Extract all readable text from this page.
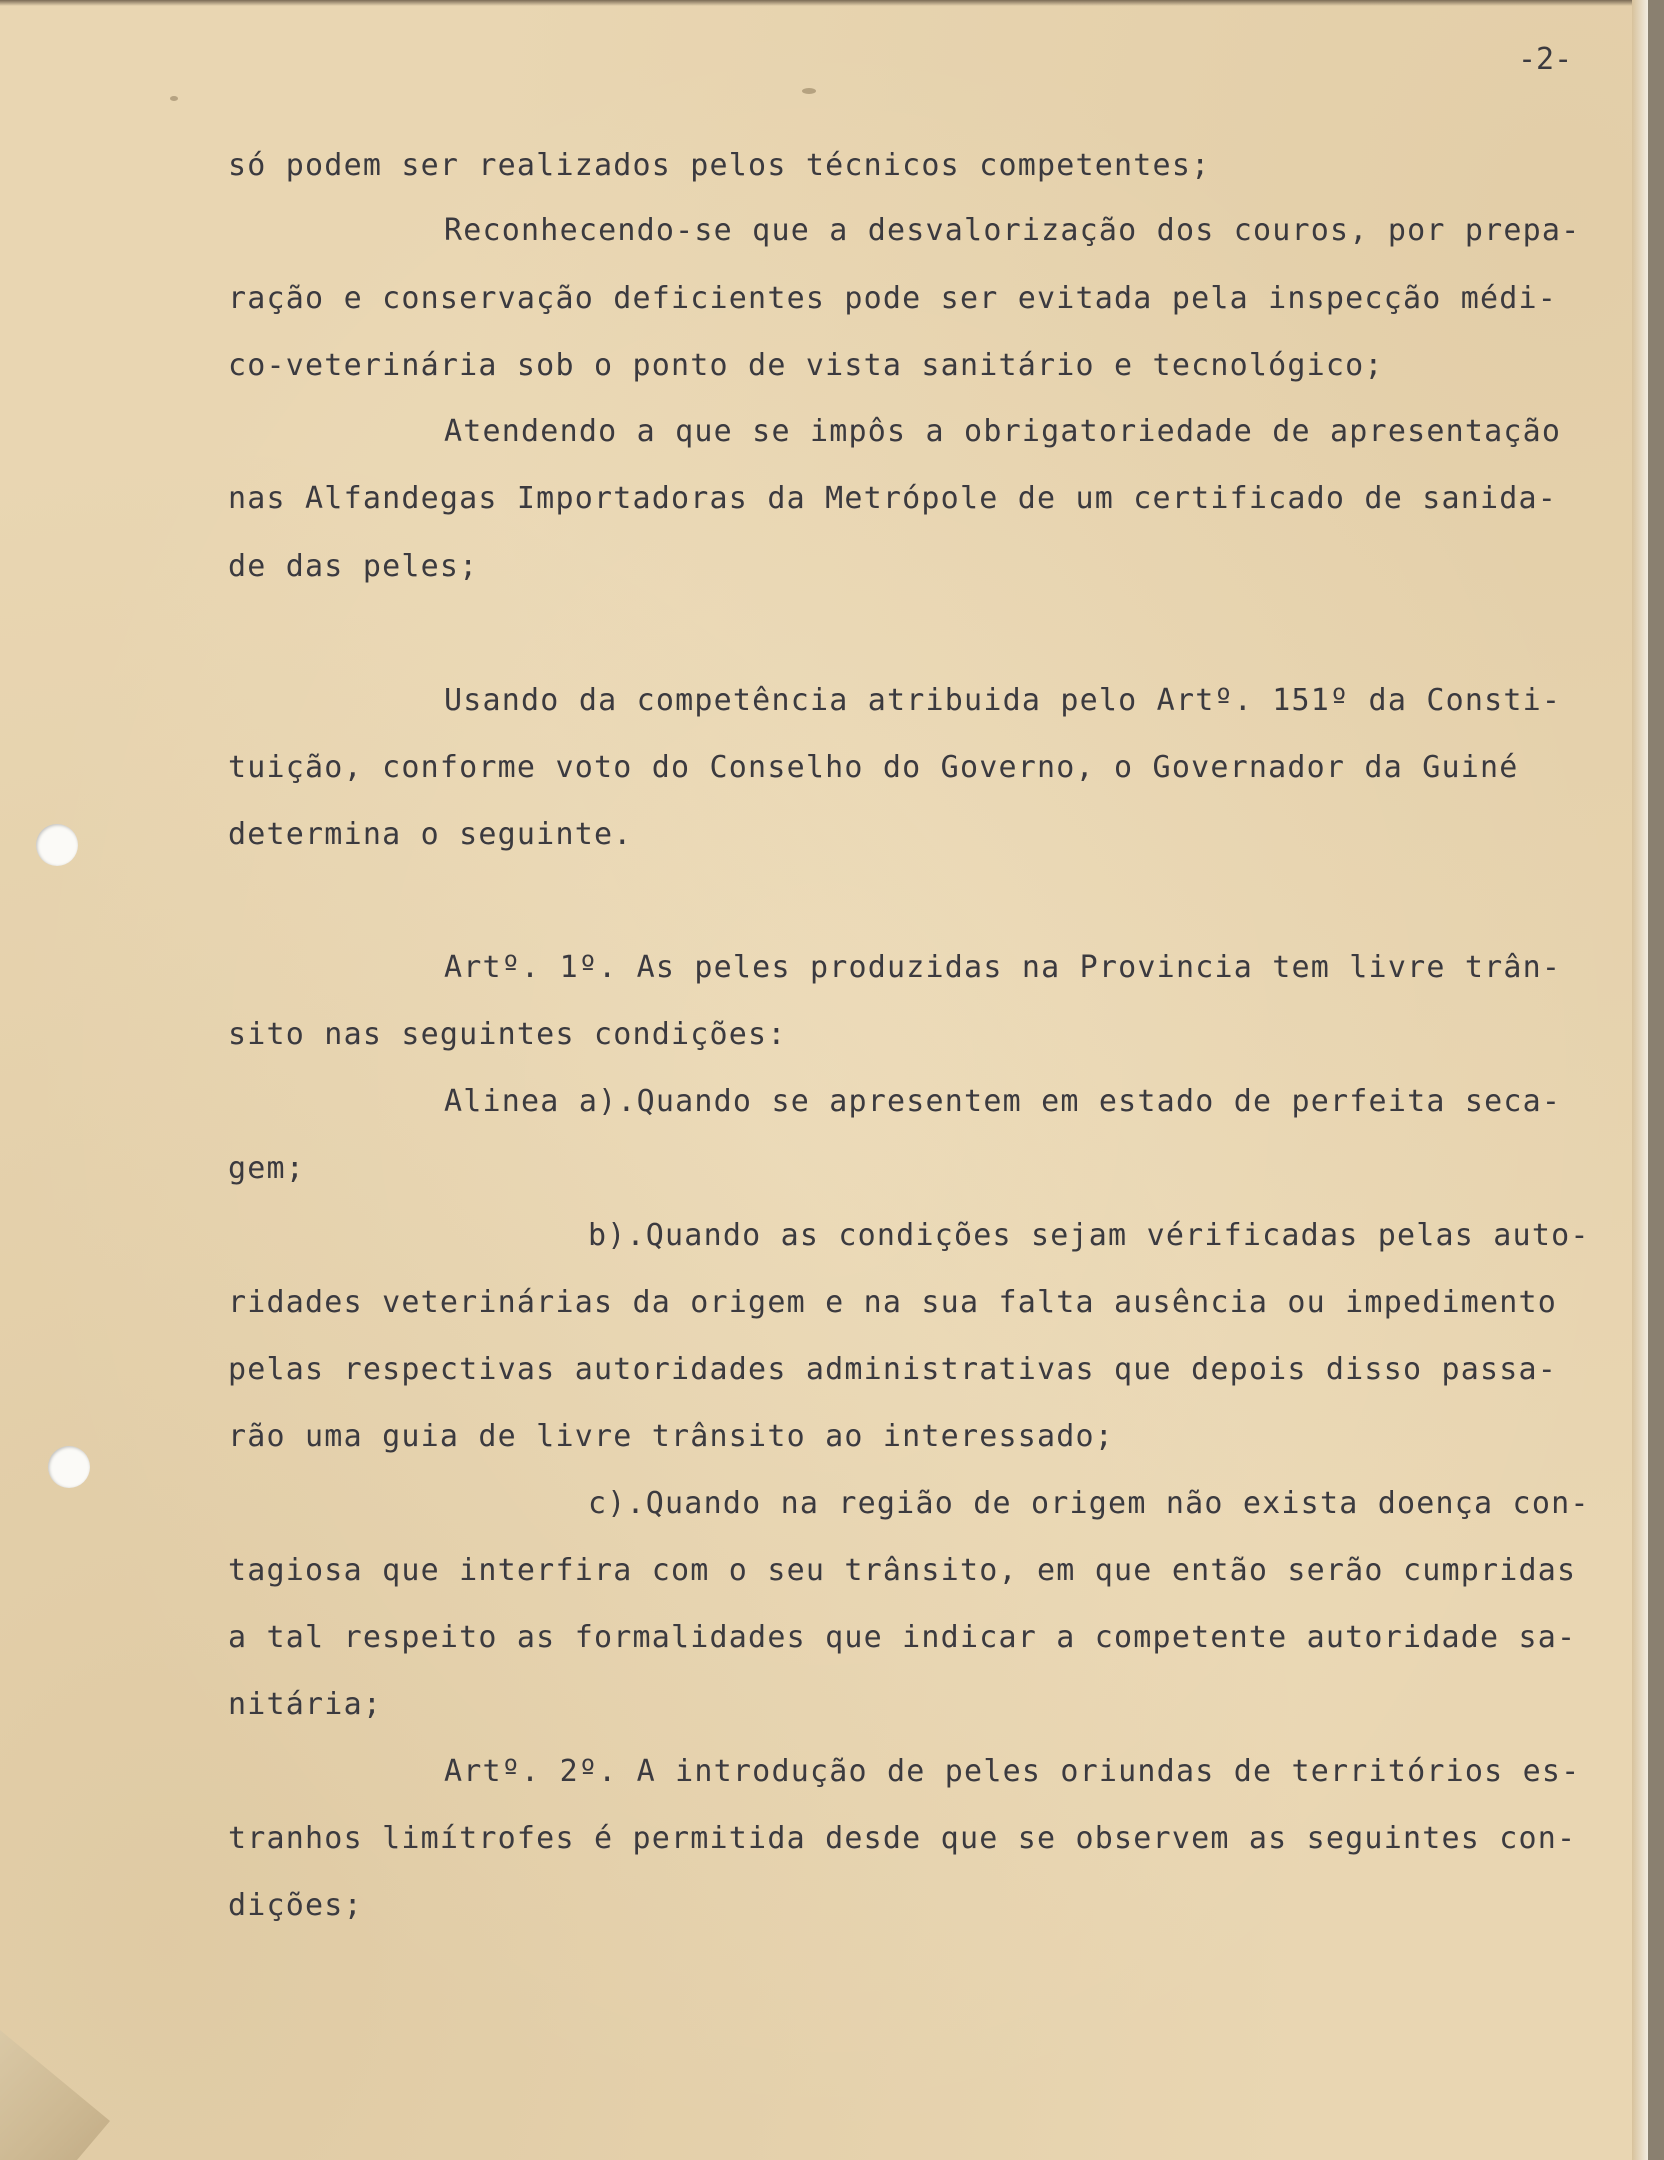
-2-
só podem ser realizados pelos técnicos competentes;
Reconhecendo-se que a desvalorização dos couros, por prepa-
ração e conservação deficientes pode ser evitada pela inspecção médi-
co-veterinária sob o ponto de vista sanitário e tecnológico;
Atendendo a que se impôs a obrigatoriedade de apresentação
nas Alfandegas Importadoras da Metrópole de um certificado de sanida-
de das peles;
Usando da competência atribuida pelo Artº. 151º da Consti-
tuição, conforme voto do Conselho do Governo, o Governador da Guiné
determina o seguinte.
Artº. 1º. As peles produzidas na Provincia tem livre trân-
sito nas seguintes condições:
Alinea a).Quando se apresentem em estado de perfeita seca-
gem;
b).Quando as condições sejam vérificadas pelas auto-
ridades veterinárias da origem e na sua falta ausência ou impedimento
pelas respectivas autoridades administrativas que depois disso passa-
rão uma guia de livre trânsito ao interessado;
c).Quando na região de origem não exista doença con-
tagiosa que interfira com o seu trânsito, em que então serão cumpridas
a tal respeito as formalidades que indicar a competente autoridade sa-
nitária;
Artº. 2º. A introdução de peles oriundas de territórios es-
tranhos limítrofes é permitida desde que se observem as seguintes con-
dições;
